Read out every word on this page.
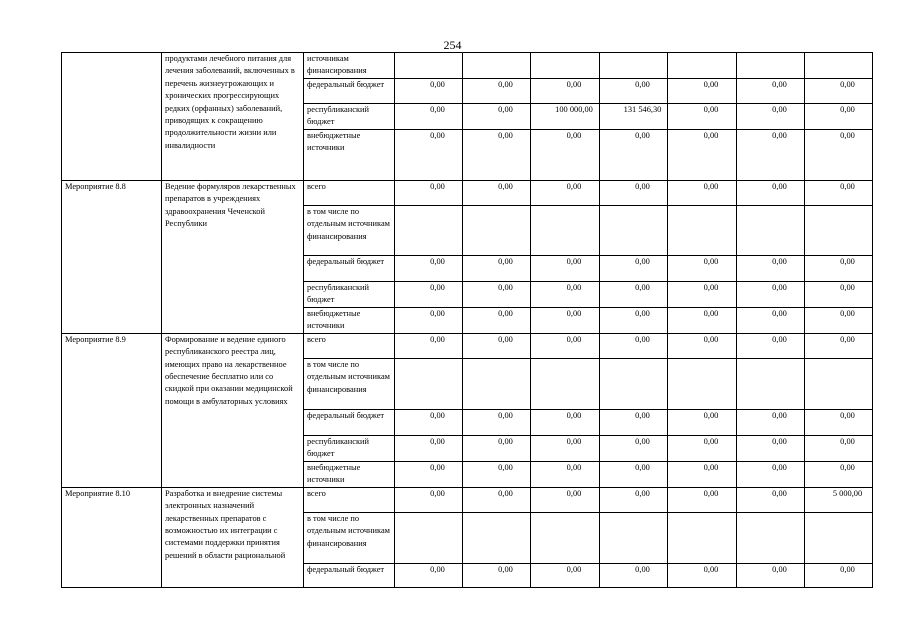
254
	продуктами лечебного питания для лечения заболеваний, включенных в перечень жизнеугрожающих и хронических прогрессирующих редких (орфанных) заболеваний, приводящих к сокращению продолжительности жизни или инвалидности	источникам финансирования							
		федеральный бюджет	0,00	0,00	0,00	0,00	0,00	0,00	0,00
		республиканский бюджет	0,00	0,00	100 000,00	131 546,30	0,00	0,00	0,00
		внебюджетные источники	0,00	0,00	0,00	0,00	0,00	0,00	0,00
Мероприятие 8.8	Ведение формуляров лекарственных препаратов в учреждениях здравоохранения Чеченской Республики	всего	0,00	0,00	0,00	0,00	0,00	0,00	0,00
		в том числе по отдельным источникам финансирования							
		федеральный бюджет	0,00	0,00	0,00	0,00	0,00	0,00	0,00
		республиканский бюджет	0,00	0,00	0,00	0,00	0,00	0,00	0,00
		внебюджетные источники	0,00	0,00	0,00	0,00	0,00	0,00	0,00
Мероприятие 8.9	Формирование и ведение единого республиканского реестра лиц, имеющих право на лекарственное обеспечение бесплатно или со скидкой при оказании медицинской помощи в амбулаторных условиях	всего	0,00	0,00	0,00	0,00	0,00	0,00	0,00
		в том числе по отдельным источникам финансирования							
		федеральный бюджет	0,00	0,00	0,00	0,00	0,00	0,00	0,00
		республиканский бюджет	0,00	0,00	0,00	0,00	0,00	0,00	0,00
		внебюджетные источники	0,00	0,00	0,00	0,00	0,00	0,00	0,00
Мероприятие 8.10	Разработка и внедрение системы электронных назначений лекарственных препаратов с возможностью их интеграции с системами поддержки принятия решений в области рациональной	всего	0,00	0,00	0,00	0,00	0,00	0,00	5 000,00
		в том числе по отдельным источникам финансирования							
		федеральный бюджет	0,00	0,00	0,00	0,00	0,00	0,00	0,00
